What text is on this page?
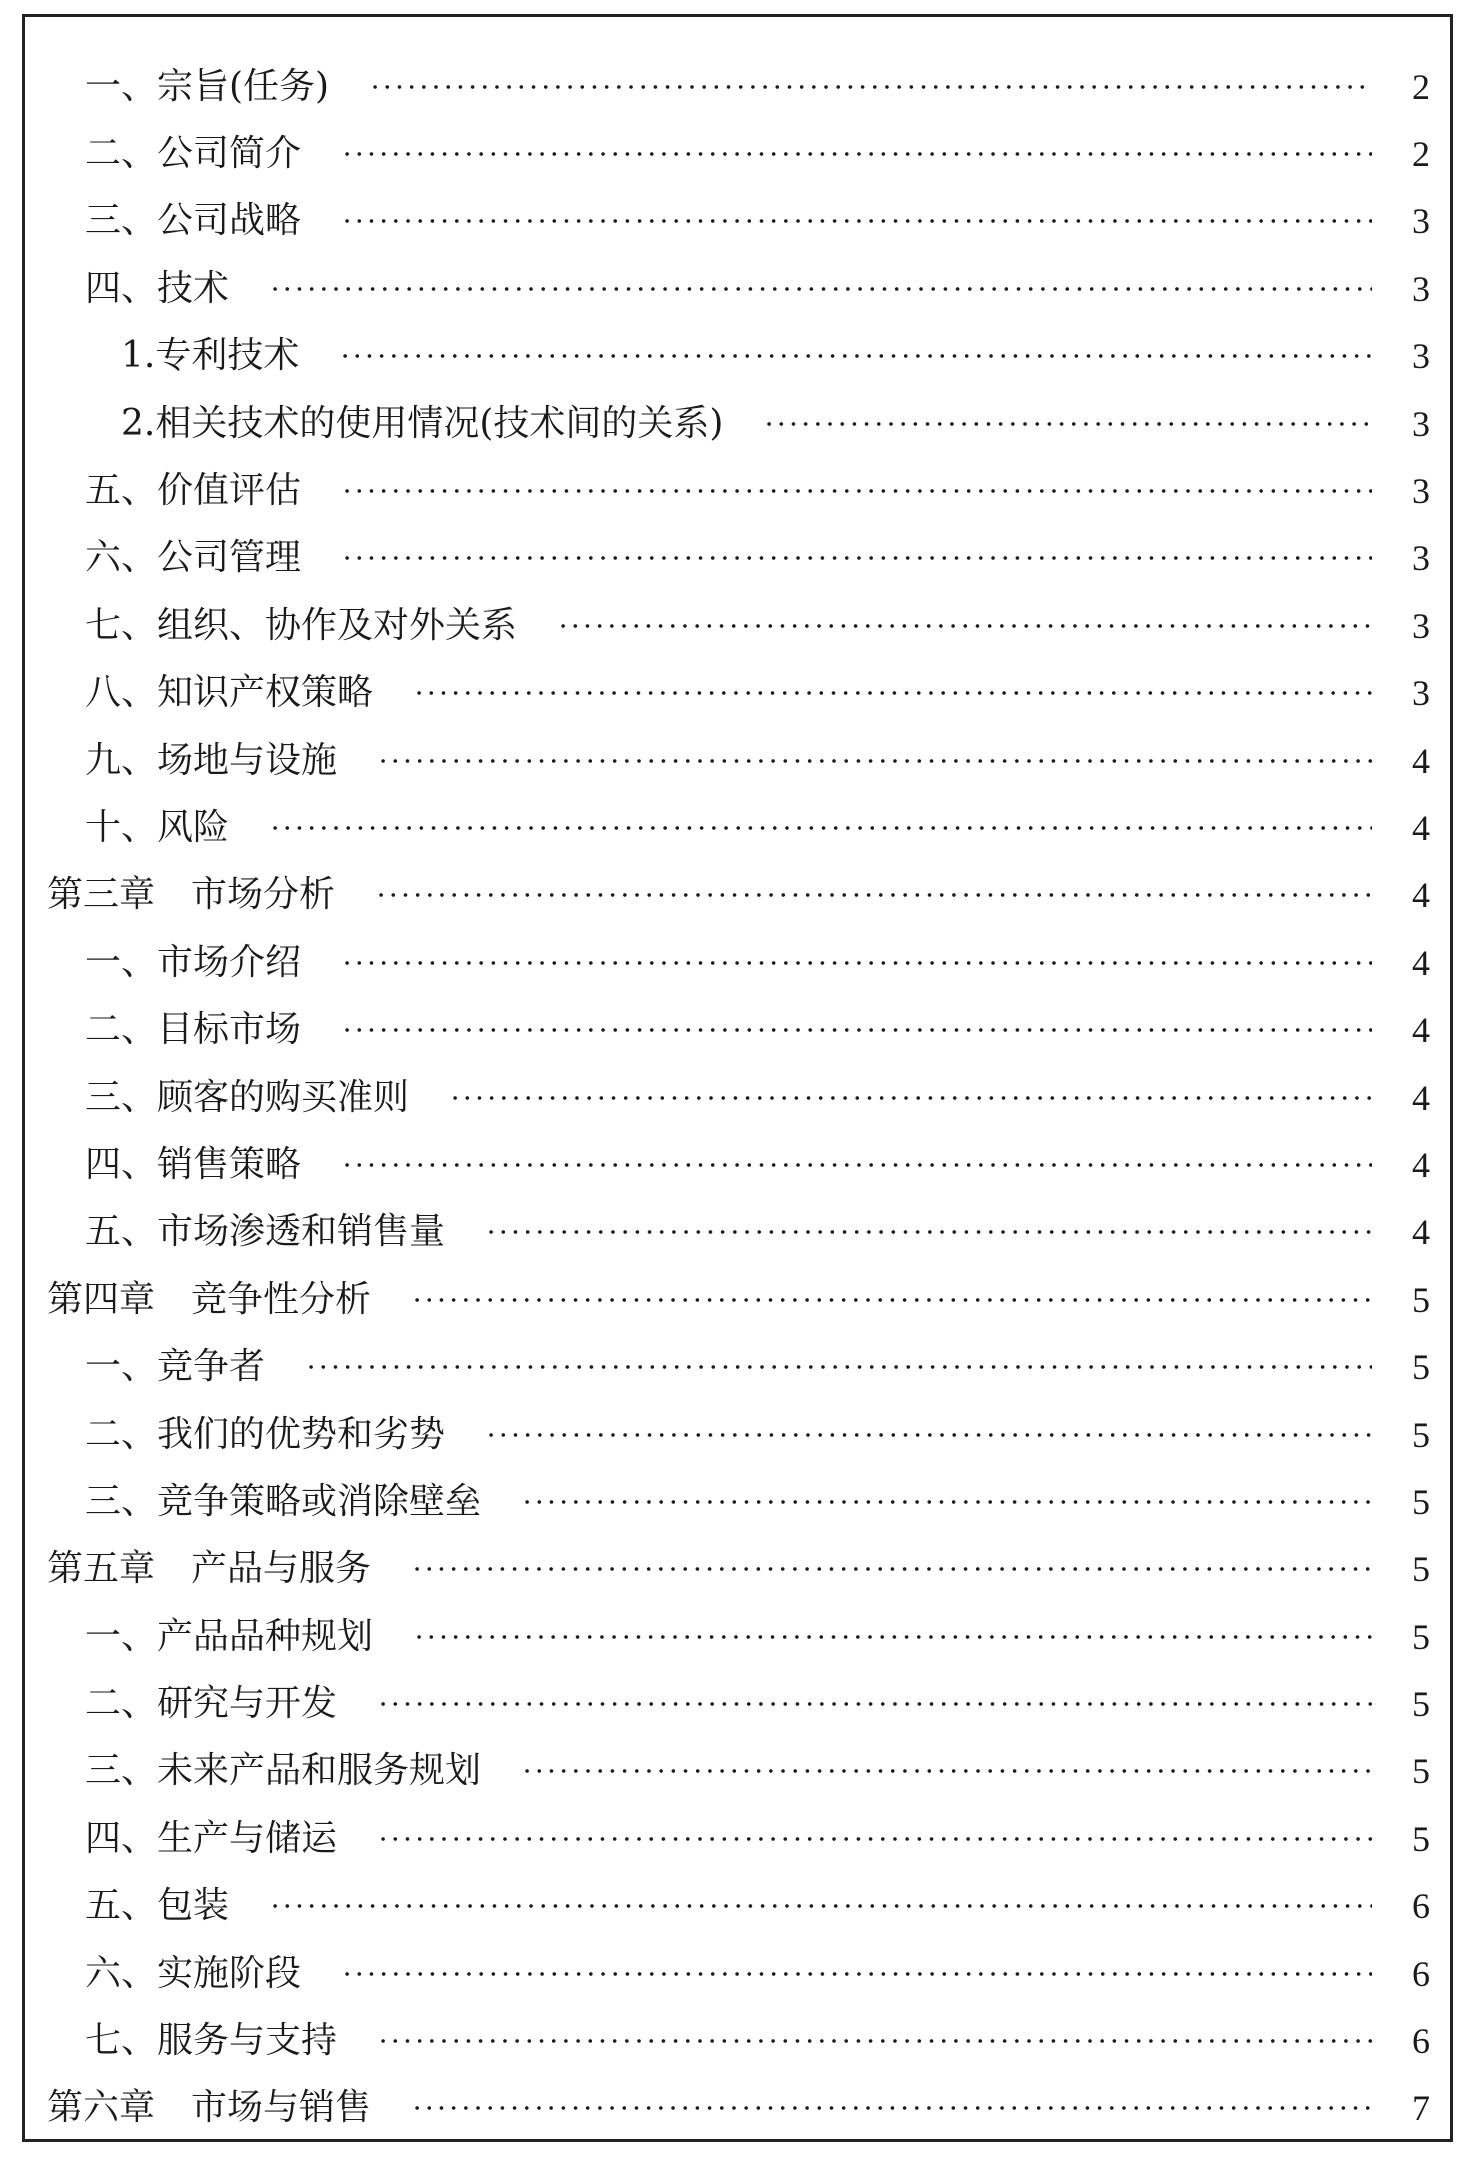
一、宗旨(任务)	2
二、公司简介	2
三、公司战略	3
四、技术	3
1.专利技术	3
2.相关技术的使用情况(技术间的关系)	3
五、价值评估	3
六、公司管理	3
七、组织、协作及对外关系	3
八、知识产权策略	3
九、场地与设施	4
十、风险	4
第三章　市场分析	4
一、市场介绍	4
二、目标市场	4
三、顾客的购买准则	4
四、销售策略	4
五、市场渗透和销售量	4
第四章　竞争性分析	5
一、竞争者	5
二、我们的优势和劣势	5
三、竞争策略或消除壁垒	5
第五章　产品与服务	5
一、产品品种规划	5
二、研究与开发	5
三、未来产品和服务规划	5
四、生产与储运	5
五、包装	6
六、实施阶段	6
七、服务与支持	6
第六章　市场与销售	7
